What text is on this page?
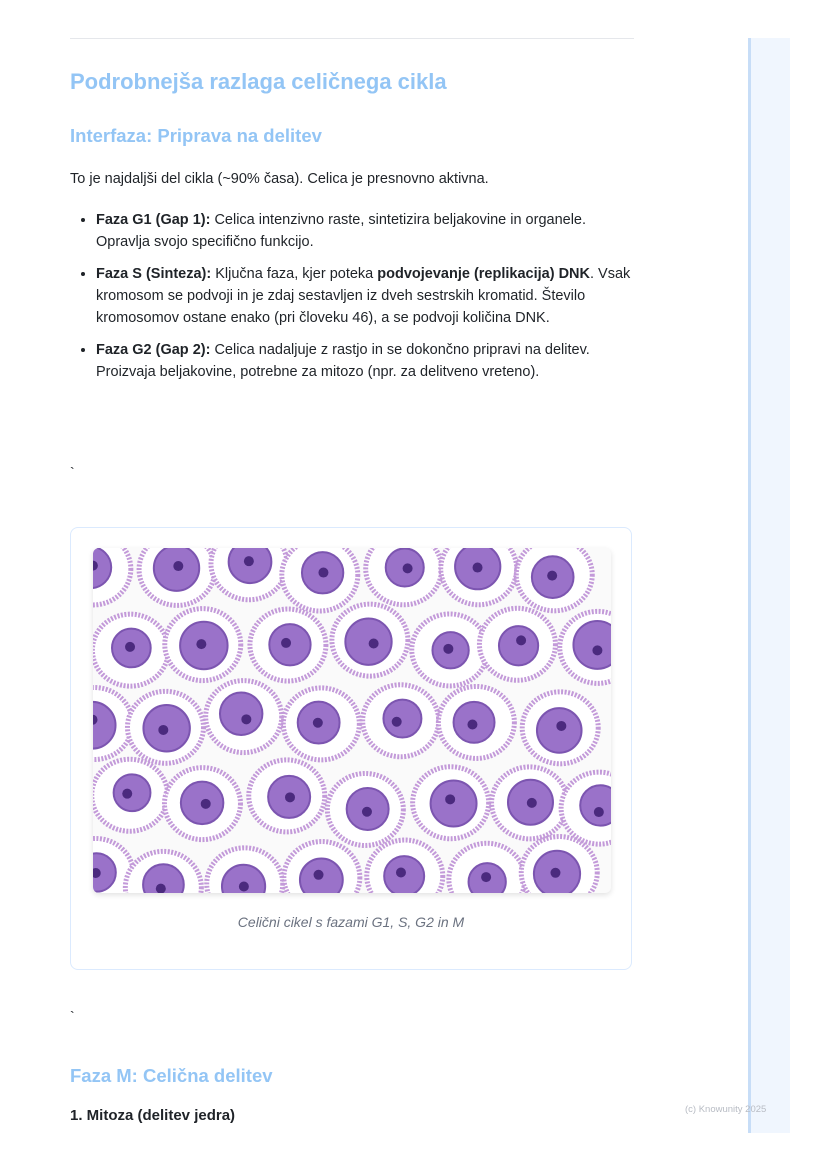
Podrobnejša razlaga celičnega cikla
Interfaza: Priprava na delitev

To je najdaljši del cikla (~90% časa). Celica je presnovno aktivna.

• Faza G1 (Gap 1): Celica intenzivno raste, sintetizira beljakovine in organele. Opravlja svojo specifično funkcijo.
• Faza S (Sinteza): Ključna faza, kjer poteka podvojevanje (replikacija) DNK. Vsak kromosom se podvoji in je zdaj sestavljen iz dveh sestrskih kromatid. Število kromosomov ostane enako (pri človeku 46), a se podvoji količina DNK.
• Faza G2 (Gap 2): Celica nadaljuje z rastjo in se dokončno pripravi na delitev. Proizvaja beljakovine, potrebne za mitozo (npr. za delitveno vreteno).
`
Celični cikel s fazami G1, S, G2 in M
`
Faza M: Celična delitev

1. Mitoza (delitev jedra)	(c) Knowunity 2025
